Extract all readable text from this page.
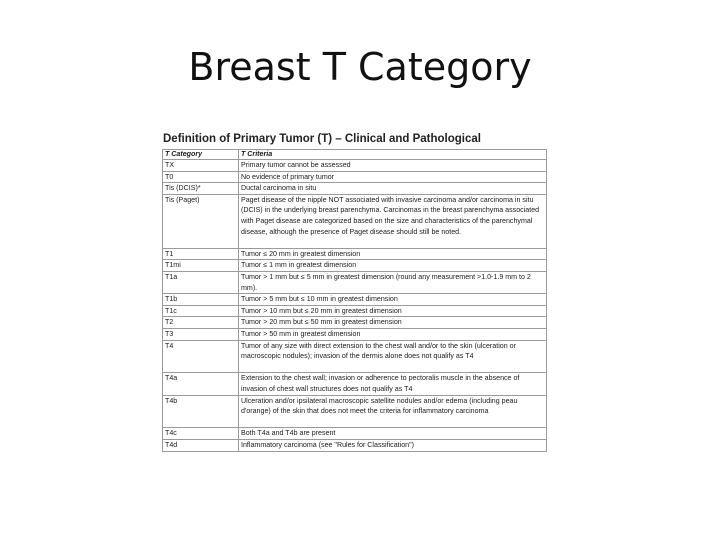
Breast T Category
Definition of Primary Tumor (T) – Clinical and Pathological
T Category	T Criteria
TX	Primary tumor cannot be assessed
T0	No evidence of primary tumor
Tis (DCIS)*	Ductal carcinoma in situ
Tis (Paget)	Paget disease of the nipple NOT associated with invasive carcinoma and/or carcinoma in situ (DCIS) in the underlying breast parenchyma. Carcinomas in the breast parenchyma associated with Paget disease are categorized based on the size and characteristics of the parenchymal disease, although the presence of Paget disease should still be noted.
T1	Tumor ≤ 20 mm in greatest dimension
T1mi	Tumor ≤ 1 mm in greatest dimension
T1a	Tumor > 1 mm but ≤ 5 mm in greatest dimension (round any measurement >1.0-1.9 mm to 2 mm).
T1b	Tumor > 5 mm but ≤ 10 mm in greatest dimension
T1c	Tumor > 10 mm but ≤ 20 mm in greatest dimension
T2	Tumor > 20 mm but ≤ 50 mm in greatest dimension
T3	Tumor > 50 mm in greatest dimension
T4	Tumor of any size with direct extension to the chest wall and/or to the skin (ulceration or macroscopic nodules); invasion of the dermis alone does not qualify as T4
T4a	Extension to the chest wall; invasion or adherence to pectoralis muscle in the absence of invasion of chest wall structures does not qualify as T4
T4b	Ulceration and/or ipsilateral macroscopic satellite nodules and/or edema (including peau d'orange) of the skin that does not meet the criteria for inflammatory carcinoma
T4c	Both T4a and T4b are present
T4d	Inflammatory carcinoma (see "Rules for Classification")
